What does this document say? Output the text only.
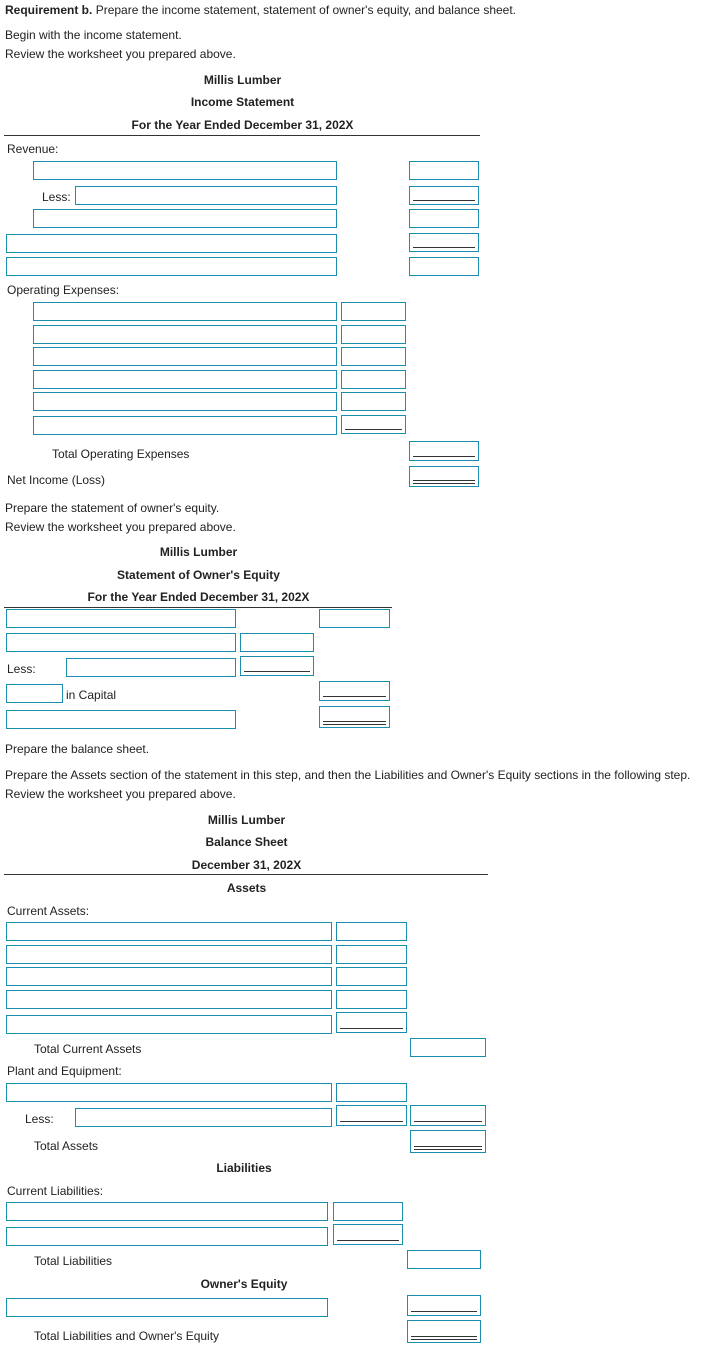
Requirement b. Prepare the income statement, statement of owner's equity, and balance sheet.
Begin with the income statement.
Review the worksheet you prepared above.
Millis Lumber
Income Statement
For the Year Ended December 31, 202X
Revenue:
Less:
Operating Expenses:
Total Operating Expenses
Net Income (Loss)
Prepare the statement of owner's equity.
Review the worksheet you prepared above.
Millis Lumber
Statement of Owner's Equity
For the Year Ended December 31, 202X
Less:
in Capital
Prepare the balance sheet.
Prepare the Assets section of the statement in this step, and then the Liabilities and Owner's Equity sections in the following step.
Review the worksheet you prepared above.
Millis Lumber
Balance Sheet
December 31, 202X
Assets
Current Assets:
Total Current Assets
Plant and Equipment:
Less:
Total Assets
Liabilities
Current Liabilities:
Total Liabilities
Owner's Equity
Total Liabilities and Owner's Equity
